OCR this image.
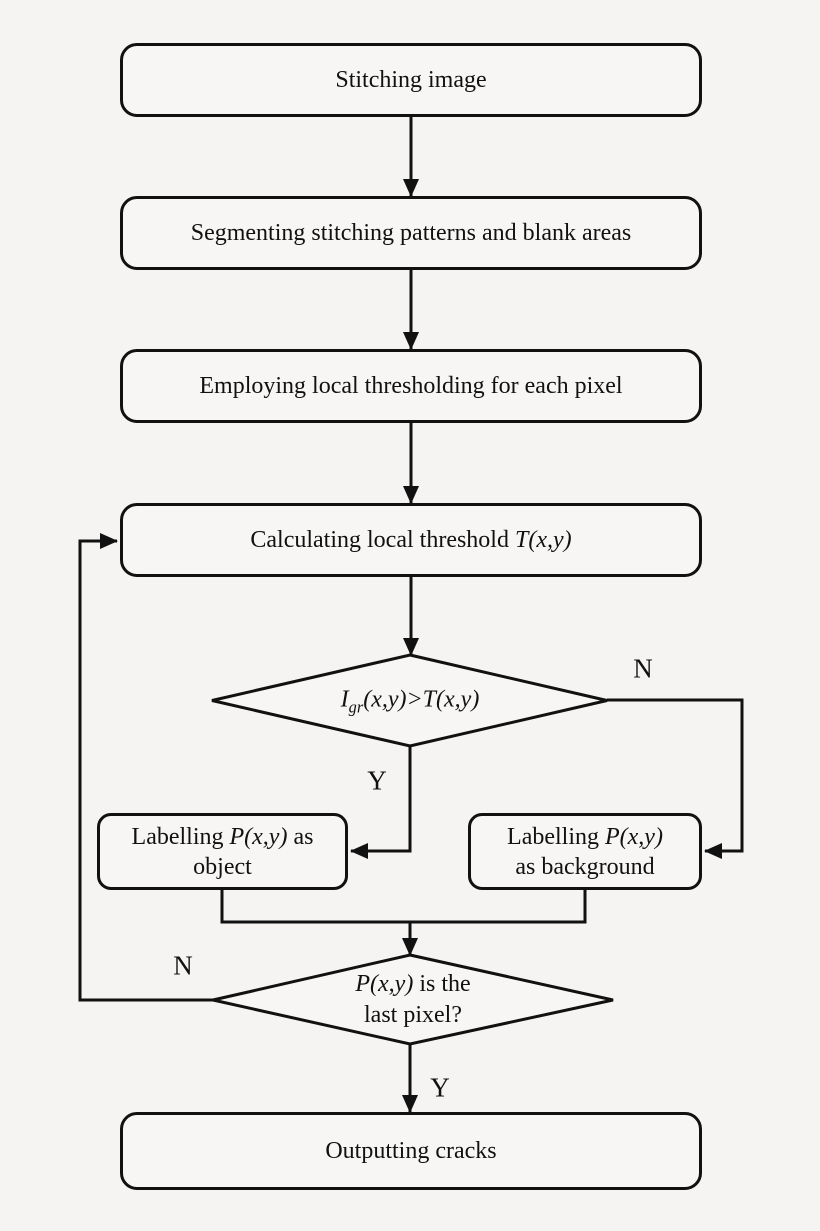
Stitching image
Segmenting stitching patterns and blank areas
Employing local thresholding for each pixel
Calculating local threshold T(x,y)
$I_{gr}(x,y)>T(x,y)$
Labelling P(x,y) as
object
Labelling P(x,y)
as background
P(x,y) is the
last pixel?
Outputting cracks
Y
N
N
Y
